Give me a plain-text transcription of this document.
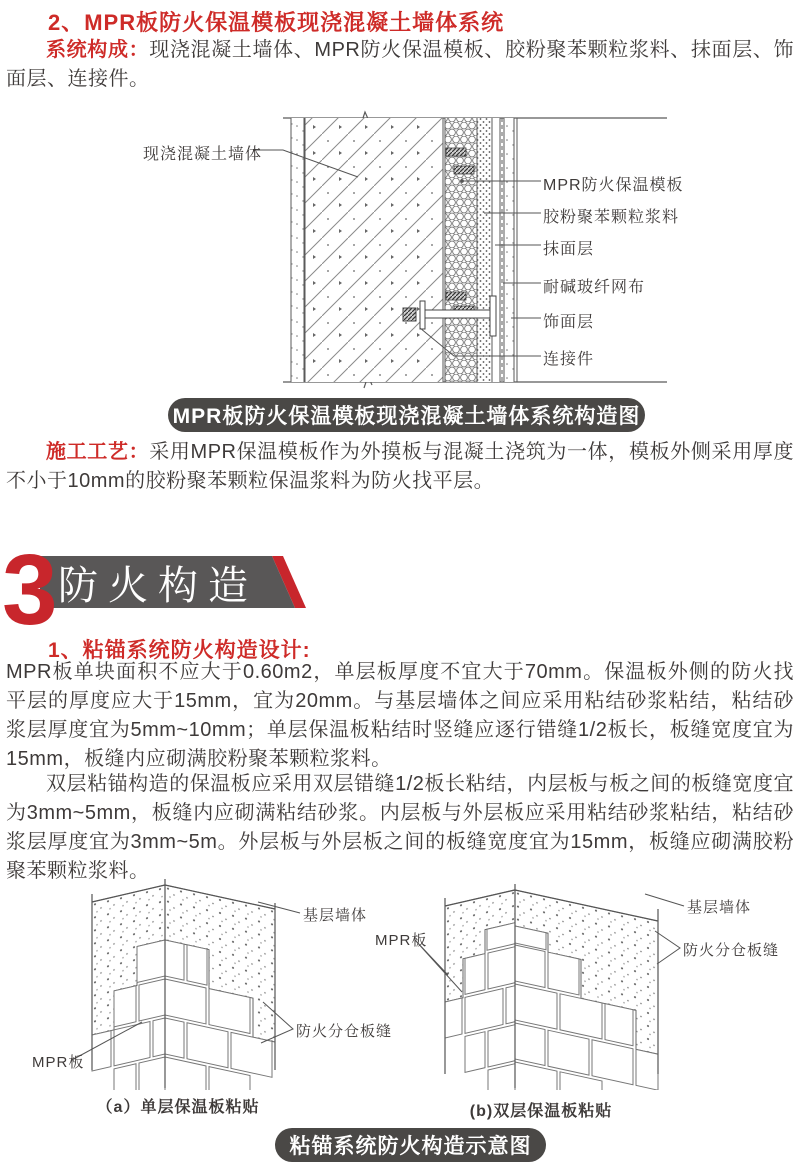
2、MPR板防火保温模板现浇混凝土墙体系统

系统构成：现浇混凝土墙体、MPR防火保温模板、胶粉聚苯颗粒浆料、抹面层、饰面层、连接件。

现浇混凝土墙体
MPR防火保温模板
胶粉聚苯颗粒浆料
抹面层
耐碱玻纤网布
饰面层
连接件
MPR板防火保温模板现浇混凝土墙体系统构造图

施工工艺：采用MPR保温模板作为外摸板与混凝土浇筑为一体，模板外侧采用厚度不小于10mm的胶粉聚苯颗粒保温浆料为防火找平层。

3 防火构造
1、粘锚系统防火构造设计:

MPR板单块面积不应大于0.60m2，单层板厚度不宜大于70mm。保温板外侧的防火找平层的厚度应大于15mm，宜为20mm。与基层墙体之间应采用粘结砂浆粘结，粘结砂浆层厚度宜为5mm~10mm；单层保温板粘结时竖缝应逐行错缝1/2板长，板缝宽度宜为15mm，板缝内应砌满胶粉聚苯颗粒浆料。

双层粘锚构造的保温板应采用双层错缝1/2板长粘结，内层板与板之间的板缝宽度宜为3mm~5mm，板缝内应砌满粘结砂浆。内层板与外层板应采用粘结砂浆粘结，粘结砂浆层厚度宜为3mm~5m。外层板与外层板之间的板缝宽度宜为15mm，板缝应砌满胶粉聚苯颗粒浆料。

基层墙体
防火分仓板缝
MPR板
（a）单层保温板粘贴
MPR板
基层墙体
防火分仓板缝
(b)双层保温板粘贴
粘锚系统防火构造示意图
